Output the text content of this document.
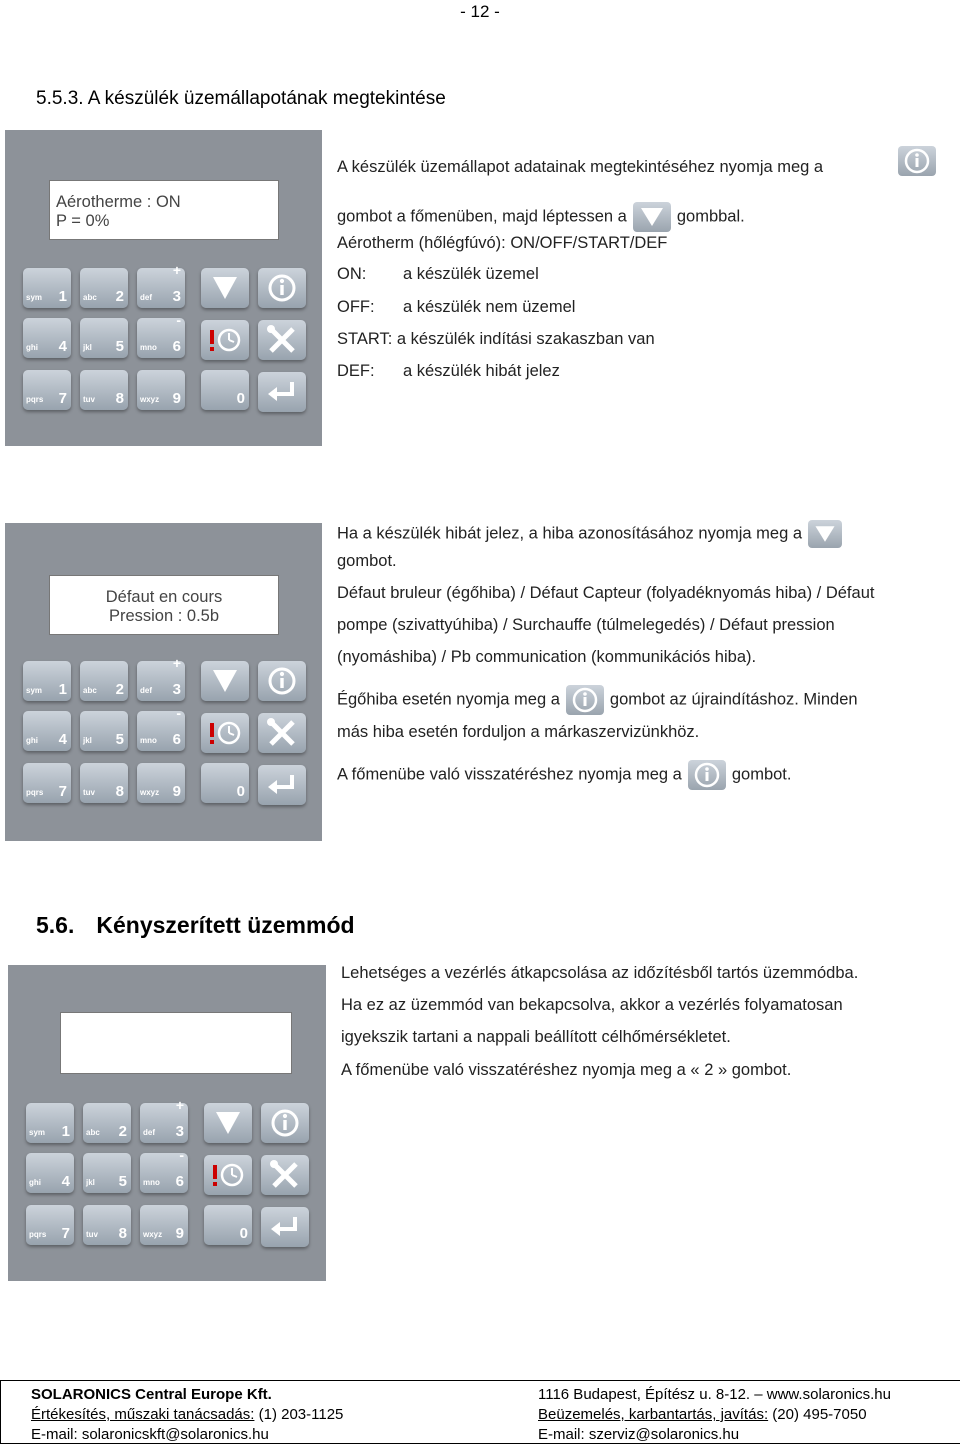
- 12 -
5.5.3. A készülék üzemállapotának megtekintése
Aérotherme : ON
P = 0%
sym 1 abc 2 def 3
+
ghi 4 jkl 5 mno 6
-
pqrs 7 tuv 8 wxyz 9	0
A készülék üzemállapot adatainak megtekintéséhez nyomja meg a
gombot a főmenüben, majd léptessen a	gombbal.
Aérotherm (hőlégfúvó): ON/OFF/START/DEF
ON: a készülék üzemel
OFF: a készülék nem üzemel
START: a készülék indítási szakaszban van
DEF: a készülék hibát jelez
Défaut en cours
Pression : 0.5b
sym 1 abc 2 def 3
+
ghi 4 jkl 5 mno 6
-
pqrs 7 tuv 8 wxyz 9	0
Ha a készülék hibát jelez, a hiba azonosításához nyomja meg a
gombot.
Défaut bruleur (égőhiba) / Défaut Capteur (folyadéknyomás hiba) / Défaut
pompe (szivattyúhiba) / Surchauffe (túlmelegedés) / Défaut pression
(nyomáshiba) / Pb communication (kommunikációs hiba).
Égőhiba esetén nyomja meg a	gombot az újraindításhoz. Minden
más hiba esetén forduljon a márkaszervizünkhöz.
A főmenübe való visszatéréshez nyomja meg a	gombot.
5.6. Kényszerített üzemmód
sym 1 abc 2 def 3
+
ghi 4 jkl 5 mno 6
-
pqrs 7 tuv 8 wxyz 9	0
Lehetséges a vezérlés átkapcsolása az időzítésből tartós üzemmódba.
Ha ez az üzemmód van bekapcsolva, akkor a vezérlés folyamatosan
igyekszik tartani a nappali beállított célhőmérsékletet.
A főmenübe való visszatéréshez nyomja meg a « 2 » gombot.
SOLARONICS Central Europe Kft.
Értékesítés, műszaki tanácsadás: (1) 203-1125
E-mail: solaronicskft@solaronics.hu
1116 Budapest, Építész u. 8-12. – www.solaronics.hu
Beüzemelés, karbantartás, javítás: (20) 495-7050
E-mail: szerviz@solaronics.hu
